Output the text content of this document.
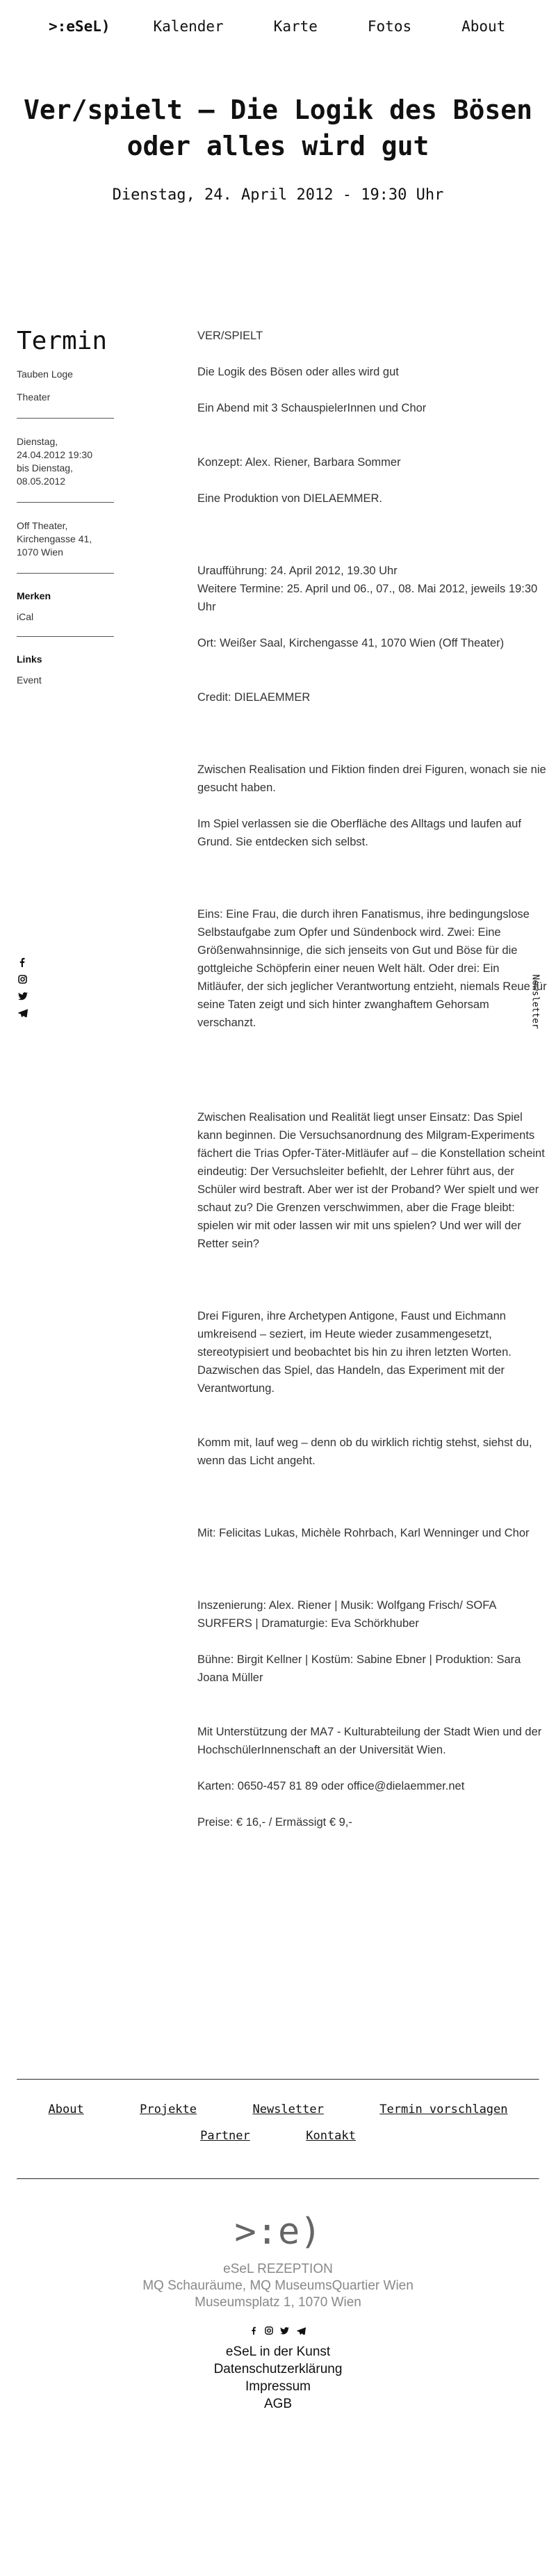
>:eSeL)	Kalender	Karte	Fotos	About
Ver/spielt – Die Logik des Bösen oder alles wird gut
Dienstag, 24. April 2012 - 19:30 Uhr
Termin
Tauben Loge
Theater
Dienstag,
24.04.2012 19:30
bis Dienstag,
08.05.2012
Off Theater,
Kirchengasse 41,
1070 Wien
Merken
iCal
Links
Event
Newsletter

VER/SPIELT

Die Logik des Bösen oder alles wird gut

Ein Abend mit 3 SchauspielerInnen und Chor

Konzept: Alex. Riener, Barbara Sommer

Eine Produktion von DIELAEMMER.

Uraufführung: 24. April 2012, 19.30 Uhr

Weitere Termine: 25. April und 06., 07., 08. Mai 2012, jeweils 19:30 Uhr

Ort: Weißer Saal, Kirchengasse 41, 1070 Wien (Off Theater)

Credit: DIELAEMMER

Zwischen Realisation und Fiktion finden drei Figuren, wonach sie nie gesucht haben.

Im Spiel verlassen sie die Oberfläche des Alltags und laufen auf Grund. Sie entdecken sich selbst.

Eins: Eine Frau, die durch ihren Fanatismus, ihre bedingungslose Selbstaufgabe zum Opfer und Sündenbock wird. Zwei: Eine Größenwahnsinnige, die sich jenseits von Gut und Böse für die gottgleiche Schöpferin einer neuen Welt hält. Oder drei: Ein Mitläufer, der sich jeglicher Verantwortung entzieht, niemals Reue für seine Taten zeigt und sich hinter zwanghaftem Gehorsam verschanzt.

Zwischen Realisation und Realität liegt unser Einsatz: Das Spiel kann beginnen. Die Versuchsanordnung des Milgram-Experiments fächert die Trias Opfer-Täter-Mitläufer auf – die Konstellation scheint eindeutig: Der Versuchsleiter befiehlt, der Lehrer führt aus, der Schüler wird bestraft. Aber wer ist der Proband? Wer spielt und wer schaut zu? Die Grenzen verschwimmen, aber die Frage bleibt: spielen wir mit oder lassen wir mit uns spielen? Und wer will der Retter sein?

Drei Figuren, ihre Archetypen Antigone, Faust und Eichmann umkreisend – seziert, im Heute wieder zusammengesetzt, stereotypisiert und beobachtet bis hin zu ihren letzten Worten. Dazwischen das Spiel, das Handeln, das Experiment mit der Verantwortung.

Komm mit, lauf weg – denn ob du wirklich richtig stehst, siehst du, wenn das Licht angeht.

Mit: Felicitas Lukas, Michèle Rohrbach, Karl Wenninger und Chor

Inszenierung: Alex. Riener | Musik: Wolfgang Frisch/ SOFA SURFERS | Dramaturgie: Eva Schörkhuber

Bühne: Birgit Kellner | Kostüm: Sabine Ebner | Produktion: Sara Joana Müller

Mit Unterstützung der MA7 - Kulturabteilung der Stadt Wien und der HochschülerInnenschaft an der Universität Wien.

Karten: 0650-457 81 89 oder office@dielaemmer.net

Preise: € 16,- / Ermässigt € 9,-

About	Projekte	Newsletter	Termin vorschlagen
Partner	Kontakt
>:e)
eSeL REZEPTION
MQ Schauräume, MQ MuseumsQuartier Wien
Museumsplatz 1, 1070 Wien

eSeL in der Kunst
Datenschutzerklärung
Impressum
AGB
